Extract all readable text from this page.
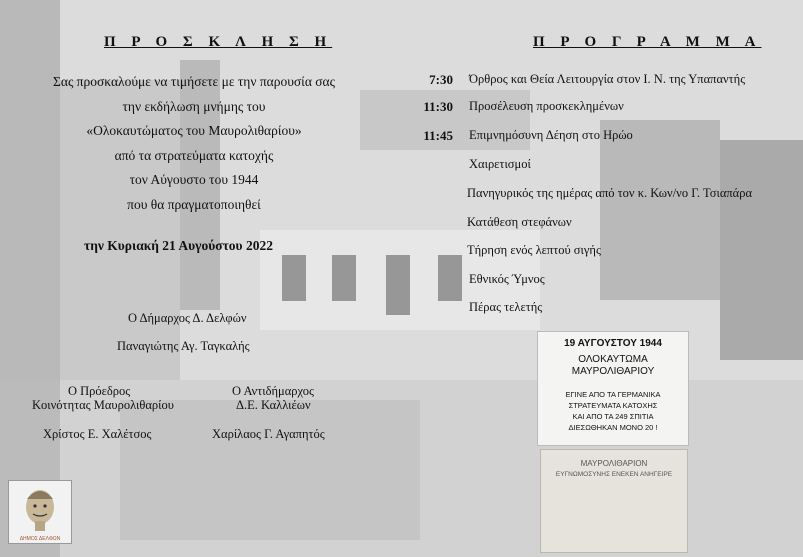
Π Ρ Ο Σ Κ Λ Η Σ Η
Σας προσκαλούμε να τιμήσετε με την παρουσία σας
την εκδήλωση μνήμης του
«Ολοκαυτώματος του Μαυρολιθαρίου»
από τα στρατεύματα κατοχής
τον Αύγουστο του 1944
που θα πραγματοποιηθεί
την Κυριακή 21 Αυγούστου 2022
Ο Δήμαρχος Δ. Δελφών
Παναγιώτης Αγ. Ταγκαλής
Ο Πρόεδρος
Κοινότητας Μαυρολιθαρίου
Χρίστος Ε. Χαλέτσος
Ο Αντιδήμαρχος
Δ.Ε. Καλλιέων
Χαρίλαος Γ. Αγαπητός
ΔΗΜΟΣ ΔΕΛΦΩΝ
Π Ρ Ο Γ Ρ Α Μ Μ Α
7:30 Όρθρος και Θεία Λειτουργία στον Ι. Ν. της Υπαπαντής
11:30 Προσέλευση προσκεκλημένων
11:45 Επιμνημόσυνη Δέηση στο Ηρώο
Χαιρετισμοί
Πανηγυρικός της ημέρας από τον κ. Κων/νο Γ. Τσιαπάρα
Κατάθεση στεφάνων
Τήρηση ενός λεπτού σιγής
Εθνικός Ύμνος
Πέρας τελετής
19 ΑΥΓΟΥΣΤΟΥ 1944
ΟΛΟΚΑΥΤΩΜΑ
ΜΑΥΡΟΛΙΘΑΡΙΟΥ
ΕΓΙΝΕ ΑΠΟ ΤΑ ΓΕΡΜΑΝΙΚΑ
ΣΤΡΑΤΕΥΜΑΤΑ ΚΑΤΟΧΗΣ
ΚΑΙ ΑΠΟ ΤΑ 249 ΣΠΙΤΙΑ
ΔΙΕΣΩΘΗΚΑΝ ΜΟΝΟ 20 !
ΜΑΥΡΟΛΙΘΑΡΙΟΝ
ΕΥΓΝΩΜΟΣΥΝΗΣ ΕΝΕΚΕΝ ΑΝΗΓΕΙΡΕ
